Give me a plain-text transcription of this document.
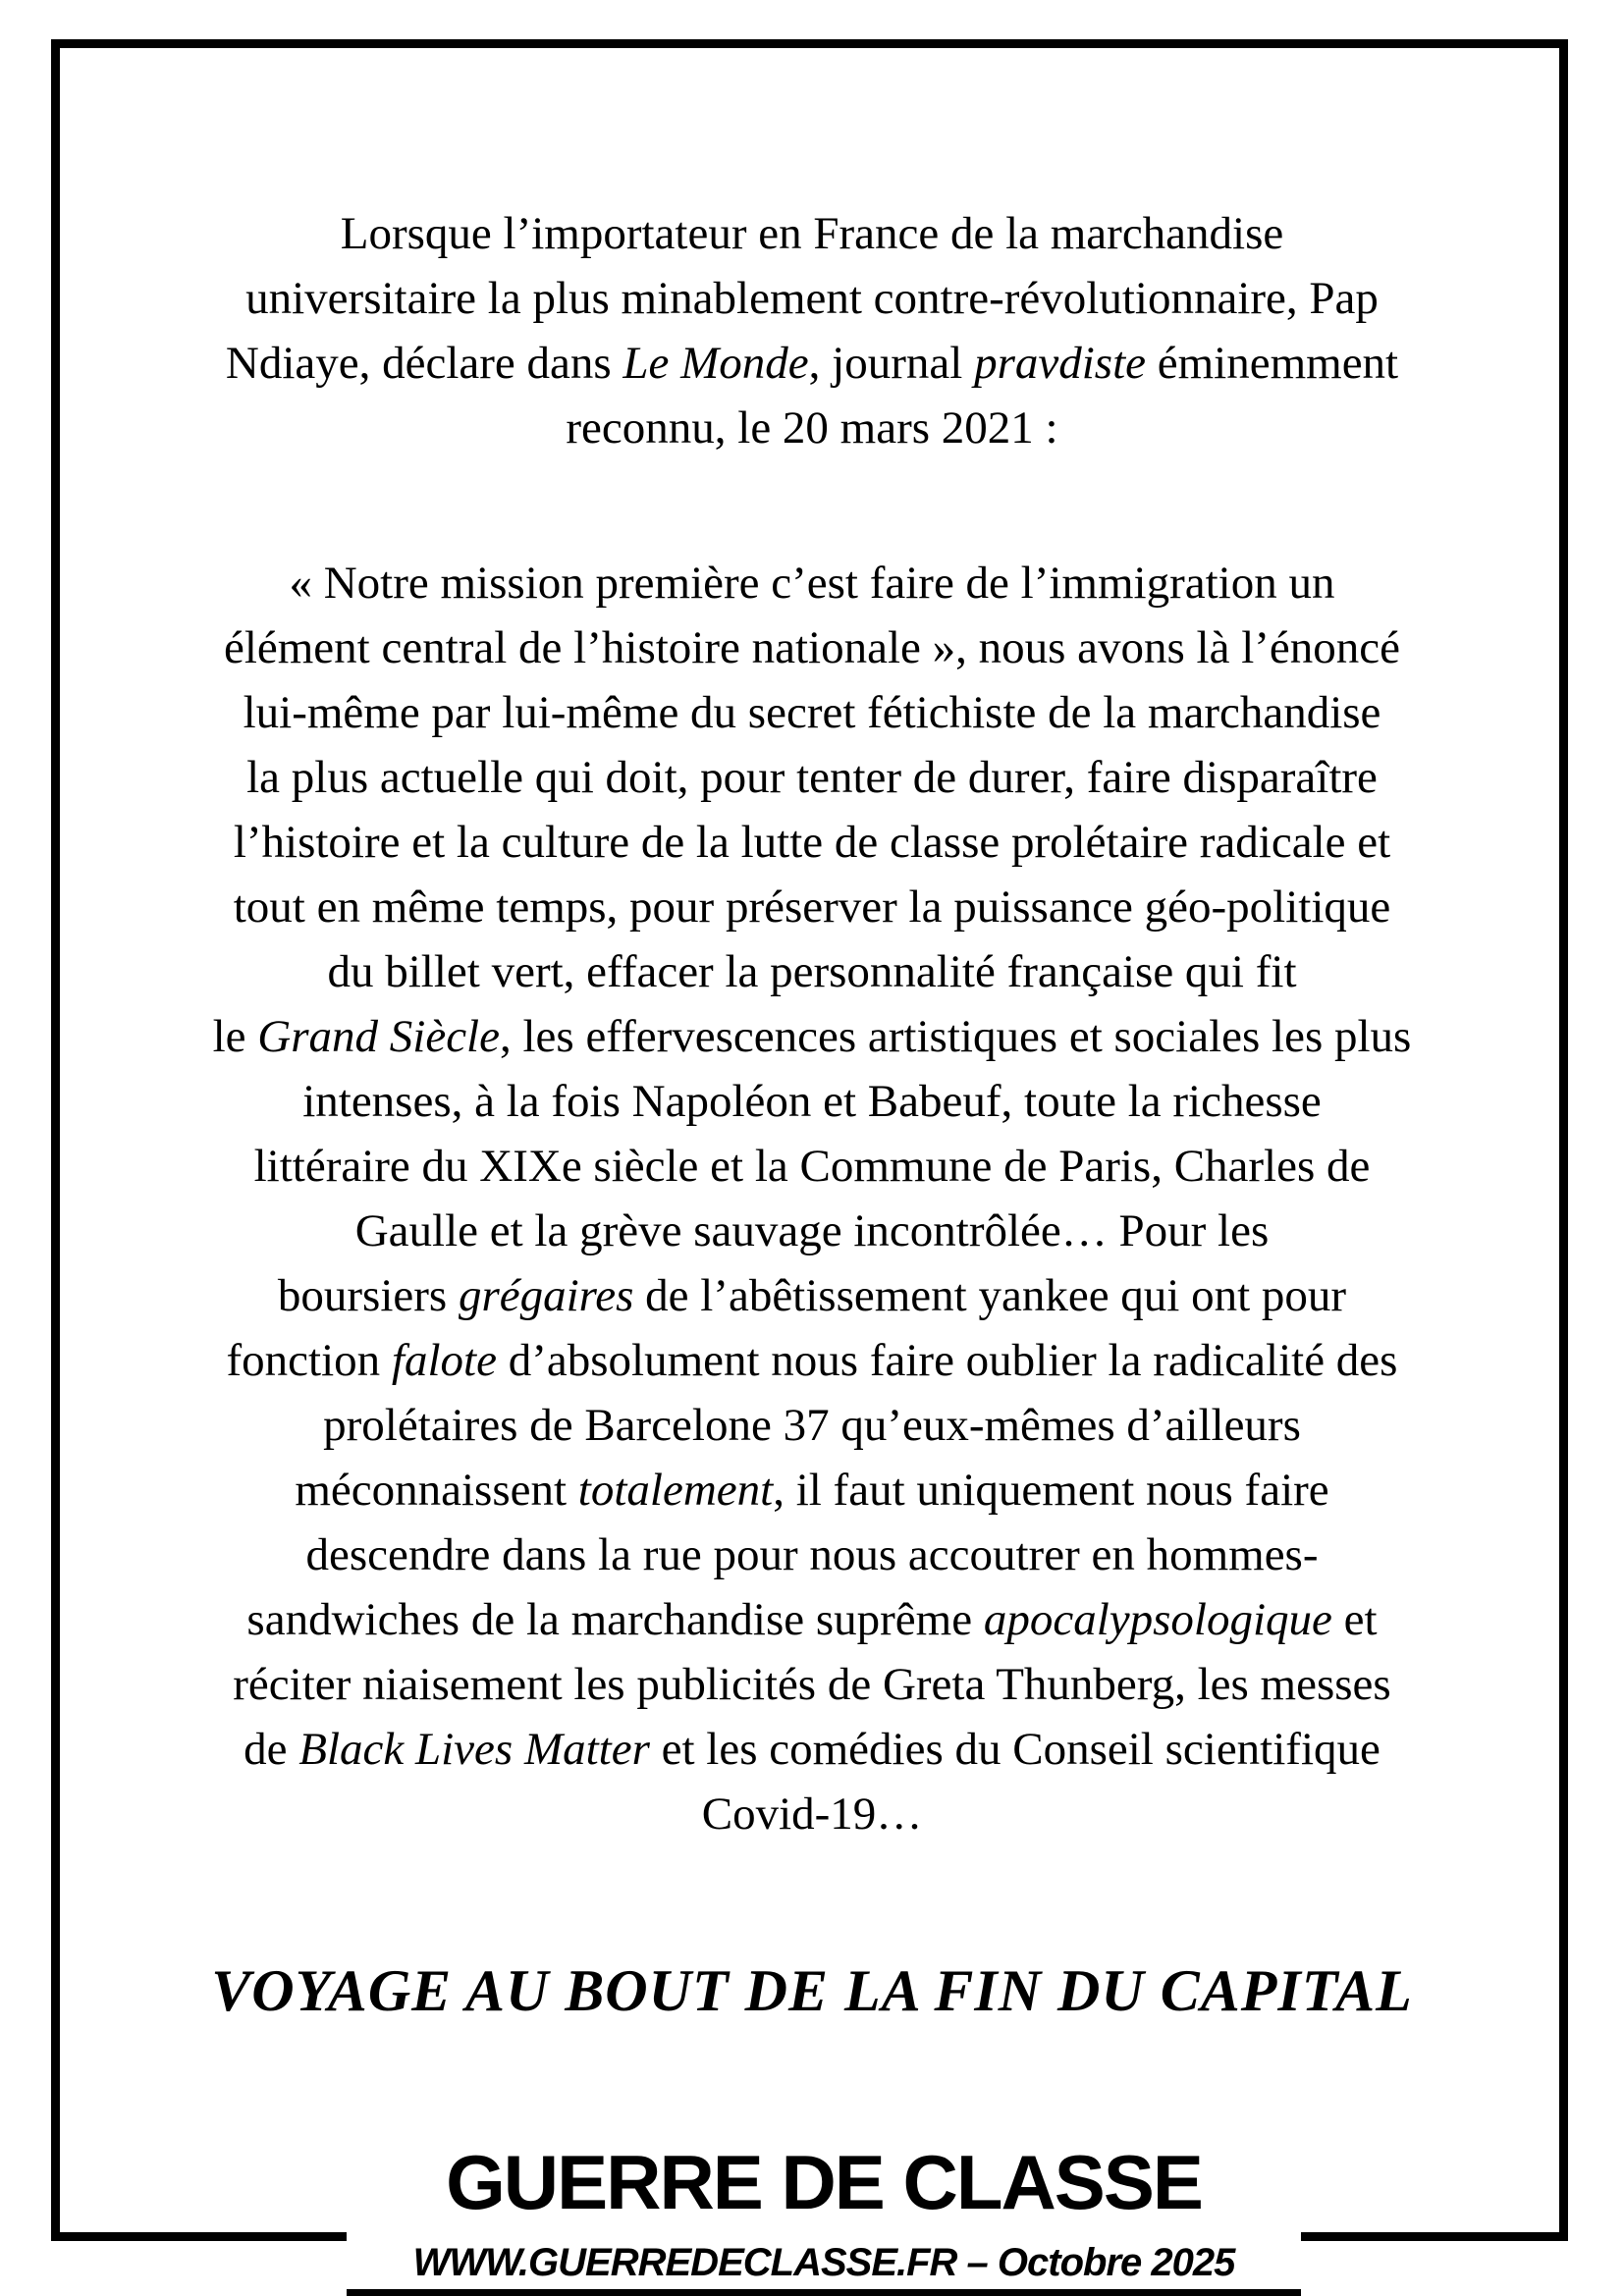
Lorsque l’importateur en France de la marchandise
universitaire la plus minablement contre-révolutionnaire, Pap
Ndiaye, déclare dans Le Monde , journal pravdiste éminemment
reconnu, le 20 mars 2021 :
« Notre mission première c’est faire de l’immigration un
élément central de l’histoire nationale », nous avons là l’énoncé
lui-même par lui-même du secret fétichiste de la marchandise
la plus actuelle qui doit, pour tenter de durer, faire disparaître
l’histoire et la culture de la lutte de classe prolétaire radicale et
tout en même temps, pour préserver la puissance géo-politique
du billet vert, effacer la personnalité française qui fit
le Grand Siècle , les effervescences artistiques et sociales les plus
intenses, à la fois Napoléon et Babeuf, toute la richesse
littéraire du XIXe siècle et la Commune de Paris, Charles de
Gaulle et la grève sauvage incontrôlée… Pour les
boursiers grégaires de l’abêtissement yankee qui ont pour
fonction falote d’absolument nous faire oublier la radicalité des
prolétaires de Barcelone 37 qu’eux-mêmes d’ailleurs
méconnaissent totalement , il faut uniquement nous faire
descendre dans la rue pour nous accoutrer en hommes-
sandwiches de la marchandise suprême apocalypsologique et
réciter niaisement les publicités de Greta Thunberg, les messes
de Black Lives Matter et les comédies du Conseil scientifique
Covid-19…
VOYAGE AU BOUT DE LA FIN DU CAPITAL
GUERRE DE CLASSE
WWW.GUERREDECLASSE.FR – Octobre 2025
